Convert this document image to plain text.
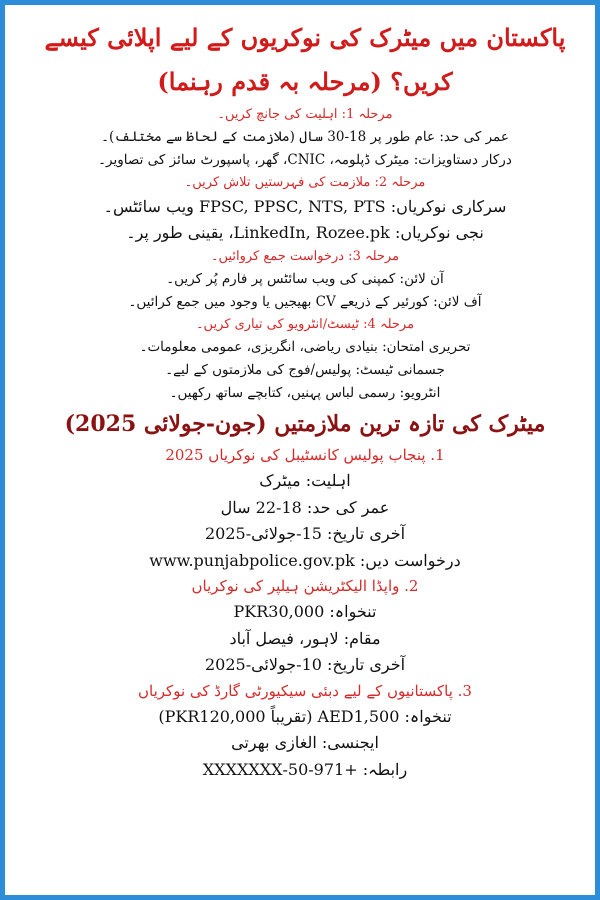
پاکستان میں میٹرک کی نوکریوں کے لیے اپلائی کیسے کریں؟ (مرحلہ بہ قدم رہنما)

مرحلہ 1: اہلیت کی جانچ کریں۔

عمر کی حد: عام طور پر 18-30 سال (ملازمت کے لحاظ سے مختلف)۔

درکار دستاویزات: میٹرک ڈپلومہ، CNIC، گھر، پاسپورٹ سائز کی تصاویر۔

مرحلہ 2: ملازمت کی فہرستیں تلاش کریں۔

سرکاری نوکریاں: FPSC, PPSC, NTS, PTS ویب سائٹس۔

نجی نوکریاں: LinkedIn, Rozee.pk، یقینی طور پر۔

مرحلہ 3: درخواست جمع کروائیں۔

آن لائن: کمپنی کی ویب سائٹس پر فارم پُر کریں۔

آف لائن: کورئیر کے ذریعے CV بھیجیں یا وجود میں جمع کرائیں۔

مرحلہ 4: ٹیسٹ/انٹرویو کی تیاری کریں۔

تحریری امتحان: بنیادی ریاضی، انگریزی، عمومی معلومات۔

جسمانی ٹیسٹ: پولیس/فوج کی ملازمتوں کے لیے۔

انٹرویو: رسمی لباس پہنیں، کتابچے ساتھ رکھیں۔

میٹرک کی تازہ ترین ملازمتیں (جون-جولائی 2025)

1. پنجاب پولیس کانسٹیبل کی نوکریاں 2025

اہلیت: میٹرک

عمر کی حد: 18-22 سال

آخری تاریخ: 15-جولائی-2025

درخواست دیں: www.punjabpolice.gov.pk

2. واپڈا الیکٹریشن ہیلپر کی نوکریاں

تنخواہ: PKR30,000

مقام: لاہور، فیصل آباد

آخری تاریخ: 10-جولائی-2025

3. پاکستانیوں کے لیے دبئی سیکیورٹی گارڈ کی نوکریاں

تنخواہ: AED1,500 (تقریباً PKR120,000)

ایجنسی: الغازی بھرتی

رابطہ: +971-50-XXXXXXX
